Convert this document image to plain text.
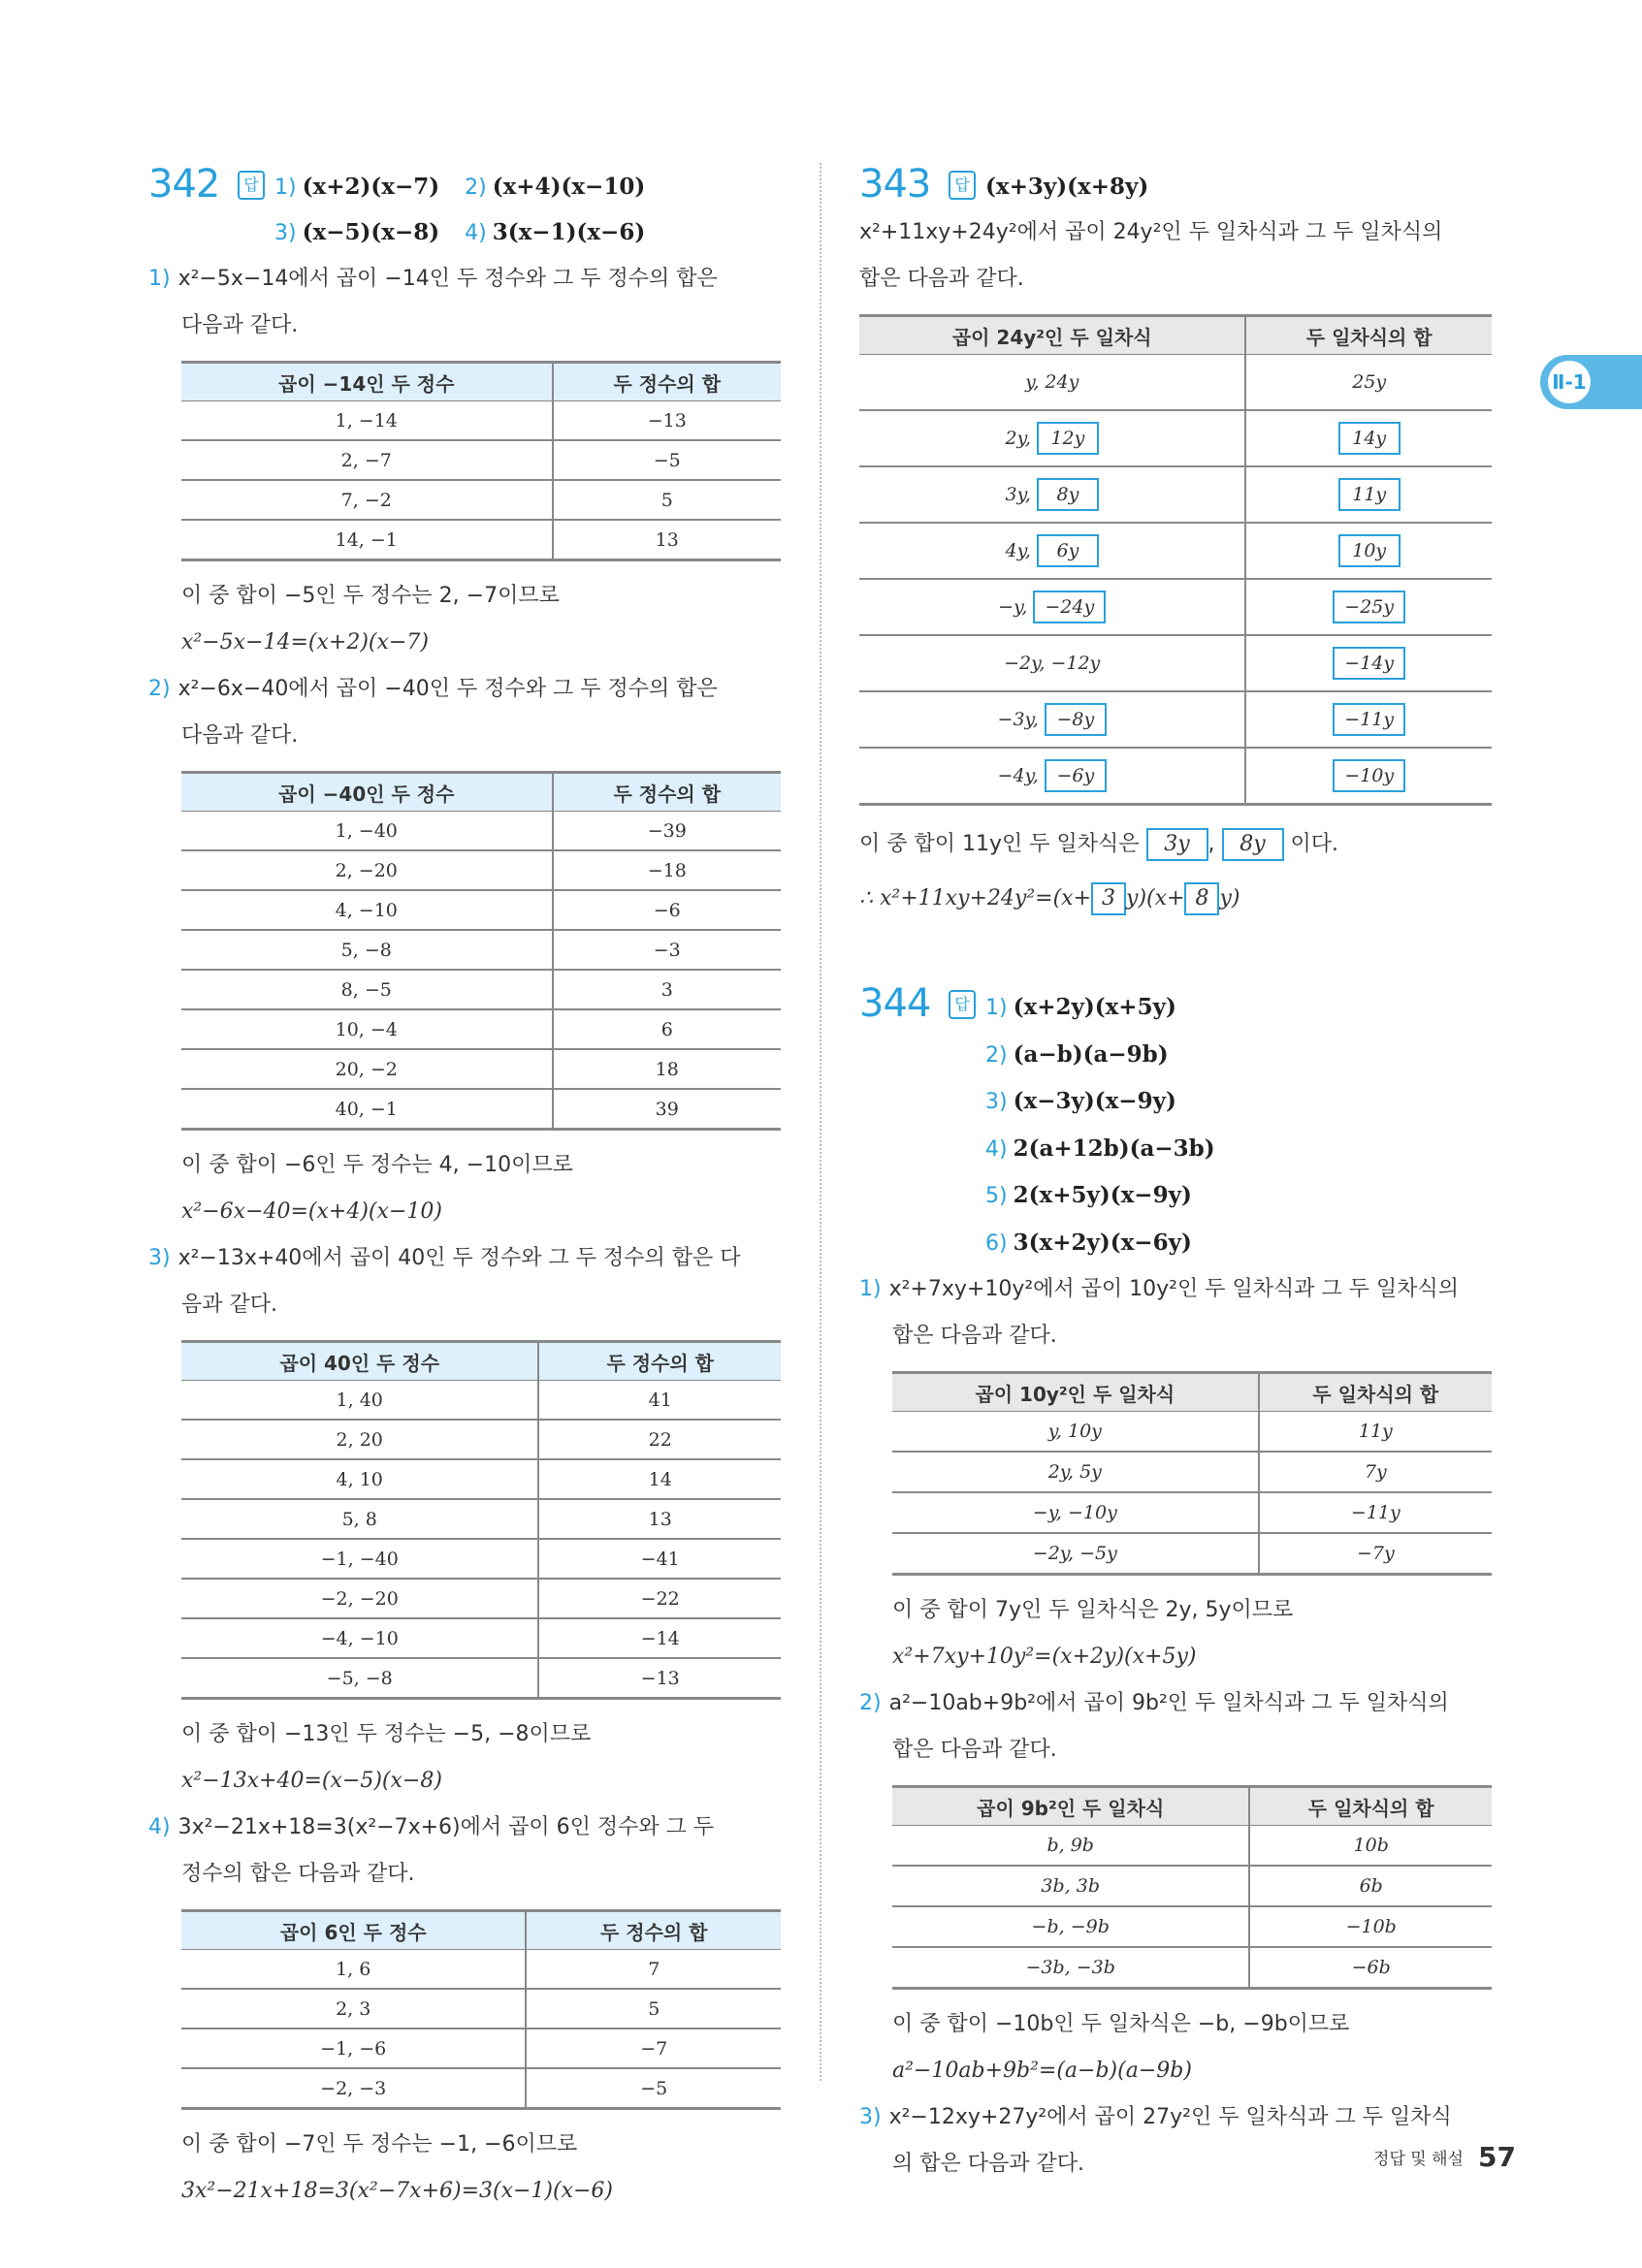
Ⅱ-1
342	답 1) (x+2)(x−7) 2) (x+4)(x−10)
3) (x−5)(x−8) 4) 3(x−1)(x−6)
1) x²−5x−14에서 곱이 −14인 두 정수와 그 두 정수의 합은
다음과 같다.
곱이 −14인 두 정수	두 정수의 합
1, −14	−13
2, −7	−5
7, −2	5
14, −1	13
이 중 합이 −5인 두 정수는 2, −7이므로
x²−5x−14=(x+2)(x−7)
2) x²−6x−40에서 곱이 −40인 두 정수와 그 두 정수의 합은
다음과 같다.
곱이 −40인 두 정수	두 정수의 합
1, −40	−39
2, −20	−18
4, −10	−6
5, −8	−3
8, −5	3
10, −4	6
20, −2	18
40, −1	39
이 중 합이 −6인 두 정수는 4, −10이므로
x²−6x−40=(x+4)(x−10)
3) x²−13x+40에서 곱이 40인 두 정수와 그 두 정수의 합은 다
음과 같다.
곱이 40인 두 정수	두 정수의 합
1, 40	41
2, 20	22
4, 10	14
5, 8	13
−1, −40	−41
−2, −20	−22
−4, −10	−14
−5, −8	−13
이 중 합이 −13인 두 정수는 −5, −8이므로
x²−13x+40=(x−5)(x−8)
4) 3x²−21x+18=3(x²−7x+6)에서 곱이 6인 정수와 그 두
정수의 합은 다음과 같다.
곱이 6인 두 정수	두 정수의 합
1, 6	7
2, 3	5
−1, −6	−7
−2, −3	−5
이 중 합이 −7인 두 정수는 −1, −6이므로
3x²−21x+18=3(x²−7x+6)=3(x−1)(x−6)
343	답 (x+3y)(x+8y)
x²+11xy+24y²에서 곱이 24y²인 두 일차식과 그 두 일차식의
합은 다음과 같다.
곱이 24y²인 두 일차식	두 일차식의 합
y, 24y	25y
2y, 12y	14y
3y, 8y	11y
4y, 6y	10y
−y, −24y	−25y
−2y, −12y	−14y
−3y, −8y	−11y
−4y, −6y	−10y
이 중 합이 11y인 두 일차식은 3y , 8y 이다.
∴ x²+11xy+24y²=(x+ 3 y)(x+ 8 y)
344	답 1) (x+2y)(x+5y)
2) (a−b)(a−9b)
3) (x−3y)(x−9y)
4) 2(a+12b)(a−3b)
5) 2(x+5y)(x−9y)
6) 3(x+2y)(x−6y)
1) x²+7xy+10y²에서 곱이 10y²인 두 일차식과 그 두 일차식의
합은 다음과 같다.
곱이 10y²인 두 일차식	두 일차식의 합
y, 10y	11y
2y, 5y	7y
−y, −10y	−11y
−2y, −5y	−7y
이 중 합이 7y인 두 일차식은 2y, 5y이므로
x²+7xy+10y²=(x+2y)(x+5y)
2) a²−10ab+9b²에서 곱이 9b²인 두 일차식과 그 두 일차식의
합은 다음과 같다.
곱이 9b²인 두 일차식	두 일차식의 합
b, 9b	10b
3b, 3b	6b
−b, −9b	−10b
−3b, −3b	−6b
이 중 합이 −10b인 두 일차식은 −b, −9b이므로
a²−10ab+9b²=(a−b)(a−9b)
3) x²−12xy+27y²에서 곱이 27y²인 두 일차식과 그 두 일차식
의 합은 다음과 같다.	정답 및 해설 57
